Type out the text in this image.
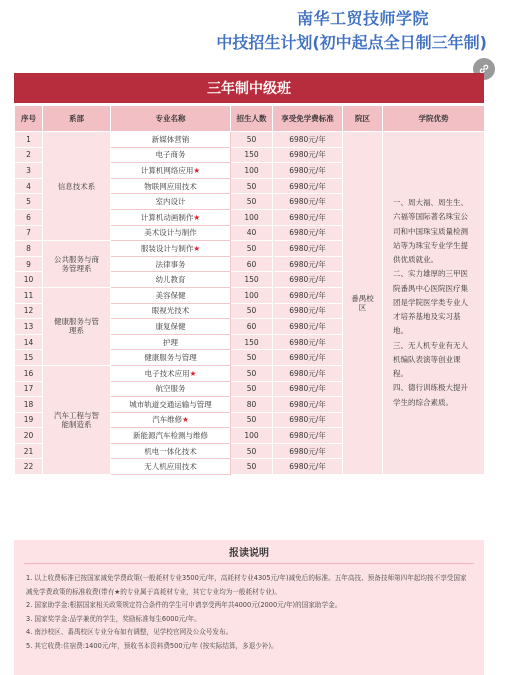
南华工贸技师学院
中技招生计划(初中起点全日制三年制)
三年制中级班
序号	系部	专业名称	招生人数	享受免学费标准	院区	学院优势
1	信息技术系	新媒体营销	50	6980元/年	番禺校区	一、周大福、周生生、六福等国际著名珠宝公司和中国珠宝质量检测站等为珠宝专业学生提供优质就业。
二、实力雄厚的三甲医院番禺中心医院医疗集团是学院医学类专业人才培养基地及实习基地。
三、无人机专业有无人机编队表演等创业课程。
四、德行训练极大提升学生的综合素质。

2		电子商务	150	6980元/年		
3		计算机网络应用★	100	6980元/年		
4		物联网应用技术	50	6980元/年		
5		室内设计	50	6980元/年		
6		计算机动画制作★	100	6980元/年		
7		美术设计与制作	40	6980元/年		
8	公共服务与商务管理系	服装设计与制作★	50	6980元/年		
9		法律事务	60	6980元/年		
10		幼儿教育	150	6980元/年		
11	健康服务与管理系	美容保健	100	6980元/年		
12		眼视光技术	50	6980元/年		
13		康复保健	60	6980元/年		
14		护理	150	6980元/年		
15		健康服务与管理	50	6980元/年		
16	汽车工程与智能制造系	电子技术应用★	50	6980元/年		
17		航空服务	50	6980元/年		
18		城市轨道交通运输与管理	80	6980元/年		
19		汽车维修★	50	6980元/年		
20		新能源汽车检测与维修	100	6980元/年		
21		机电一体化技术	50	6980元/年		
22		无人机应用技术	50	6980元/年		
报读说明
1. 以上收费标准已按国家减免学费政策(一般耗材专业3500元/年，高耗材专业4305元/年)减免后的标准。五年高技、预备技师第四年起均按不享受国家减免学费政策的标准收费(带有★的专业属于高耗材专业，其它专业均为一般耗材专业)。
2. 国家助学金:根据国家相关政策规定符合条件的学生可申请享受两年共4000元(2000元/年)的国家助学金。
3. 国家奖学金:品学兼优的学生，奖励标准每生6000元/年。
4. 南沙校区、番禺校区专业分布如有调整，见学校官网及公众号发布。
5. 其它收费:住宿费:1400元/年，预收书本资料费500元/年 (按实际结算，多退少补)。
